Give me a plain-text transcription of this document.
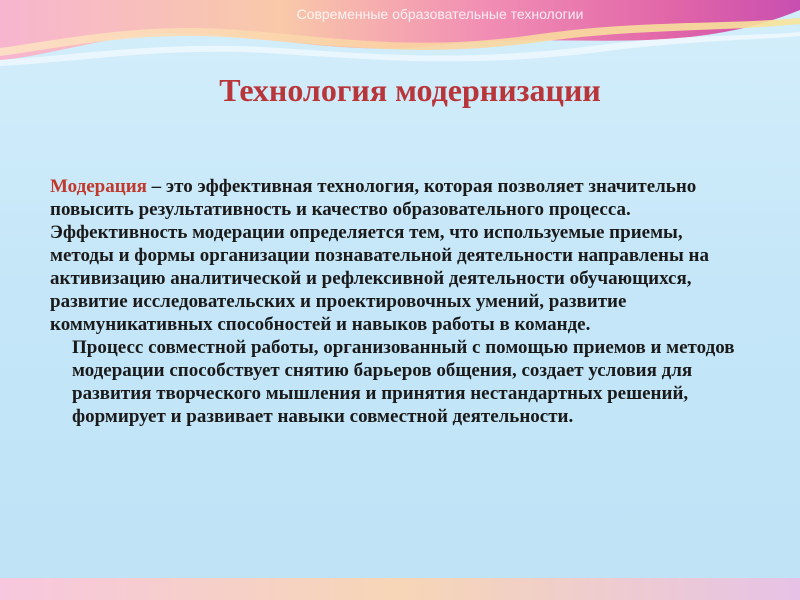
Современные образовательные технологии
Технология модернизации

Модерация – это эффективная технология, которая позволяет значительно повысить результативность и качество образовательного процесса. Эффективность модерации определяется тем, что используемые приемы, методы и формы организации познавательной деятельности направлены на активизацию аналитической и рефлексивной деятельности обучающихся, развитие исследовательских и проектировочных умений, развитие коммуникативных способностей и навыков работы в команде.

Процесс совместной работы, организованный с помощью приемов и методов модерации способствует снятию барьеров общения, создает условия для развития творческого мышления и принятия нестандартных решений, формирует и развивает навыки совместной деятельности.
